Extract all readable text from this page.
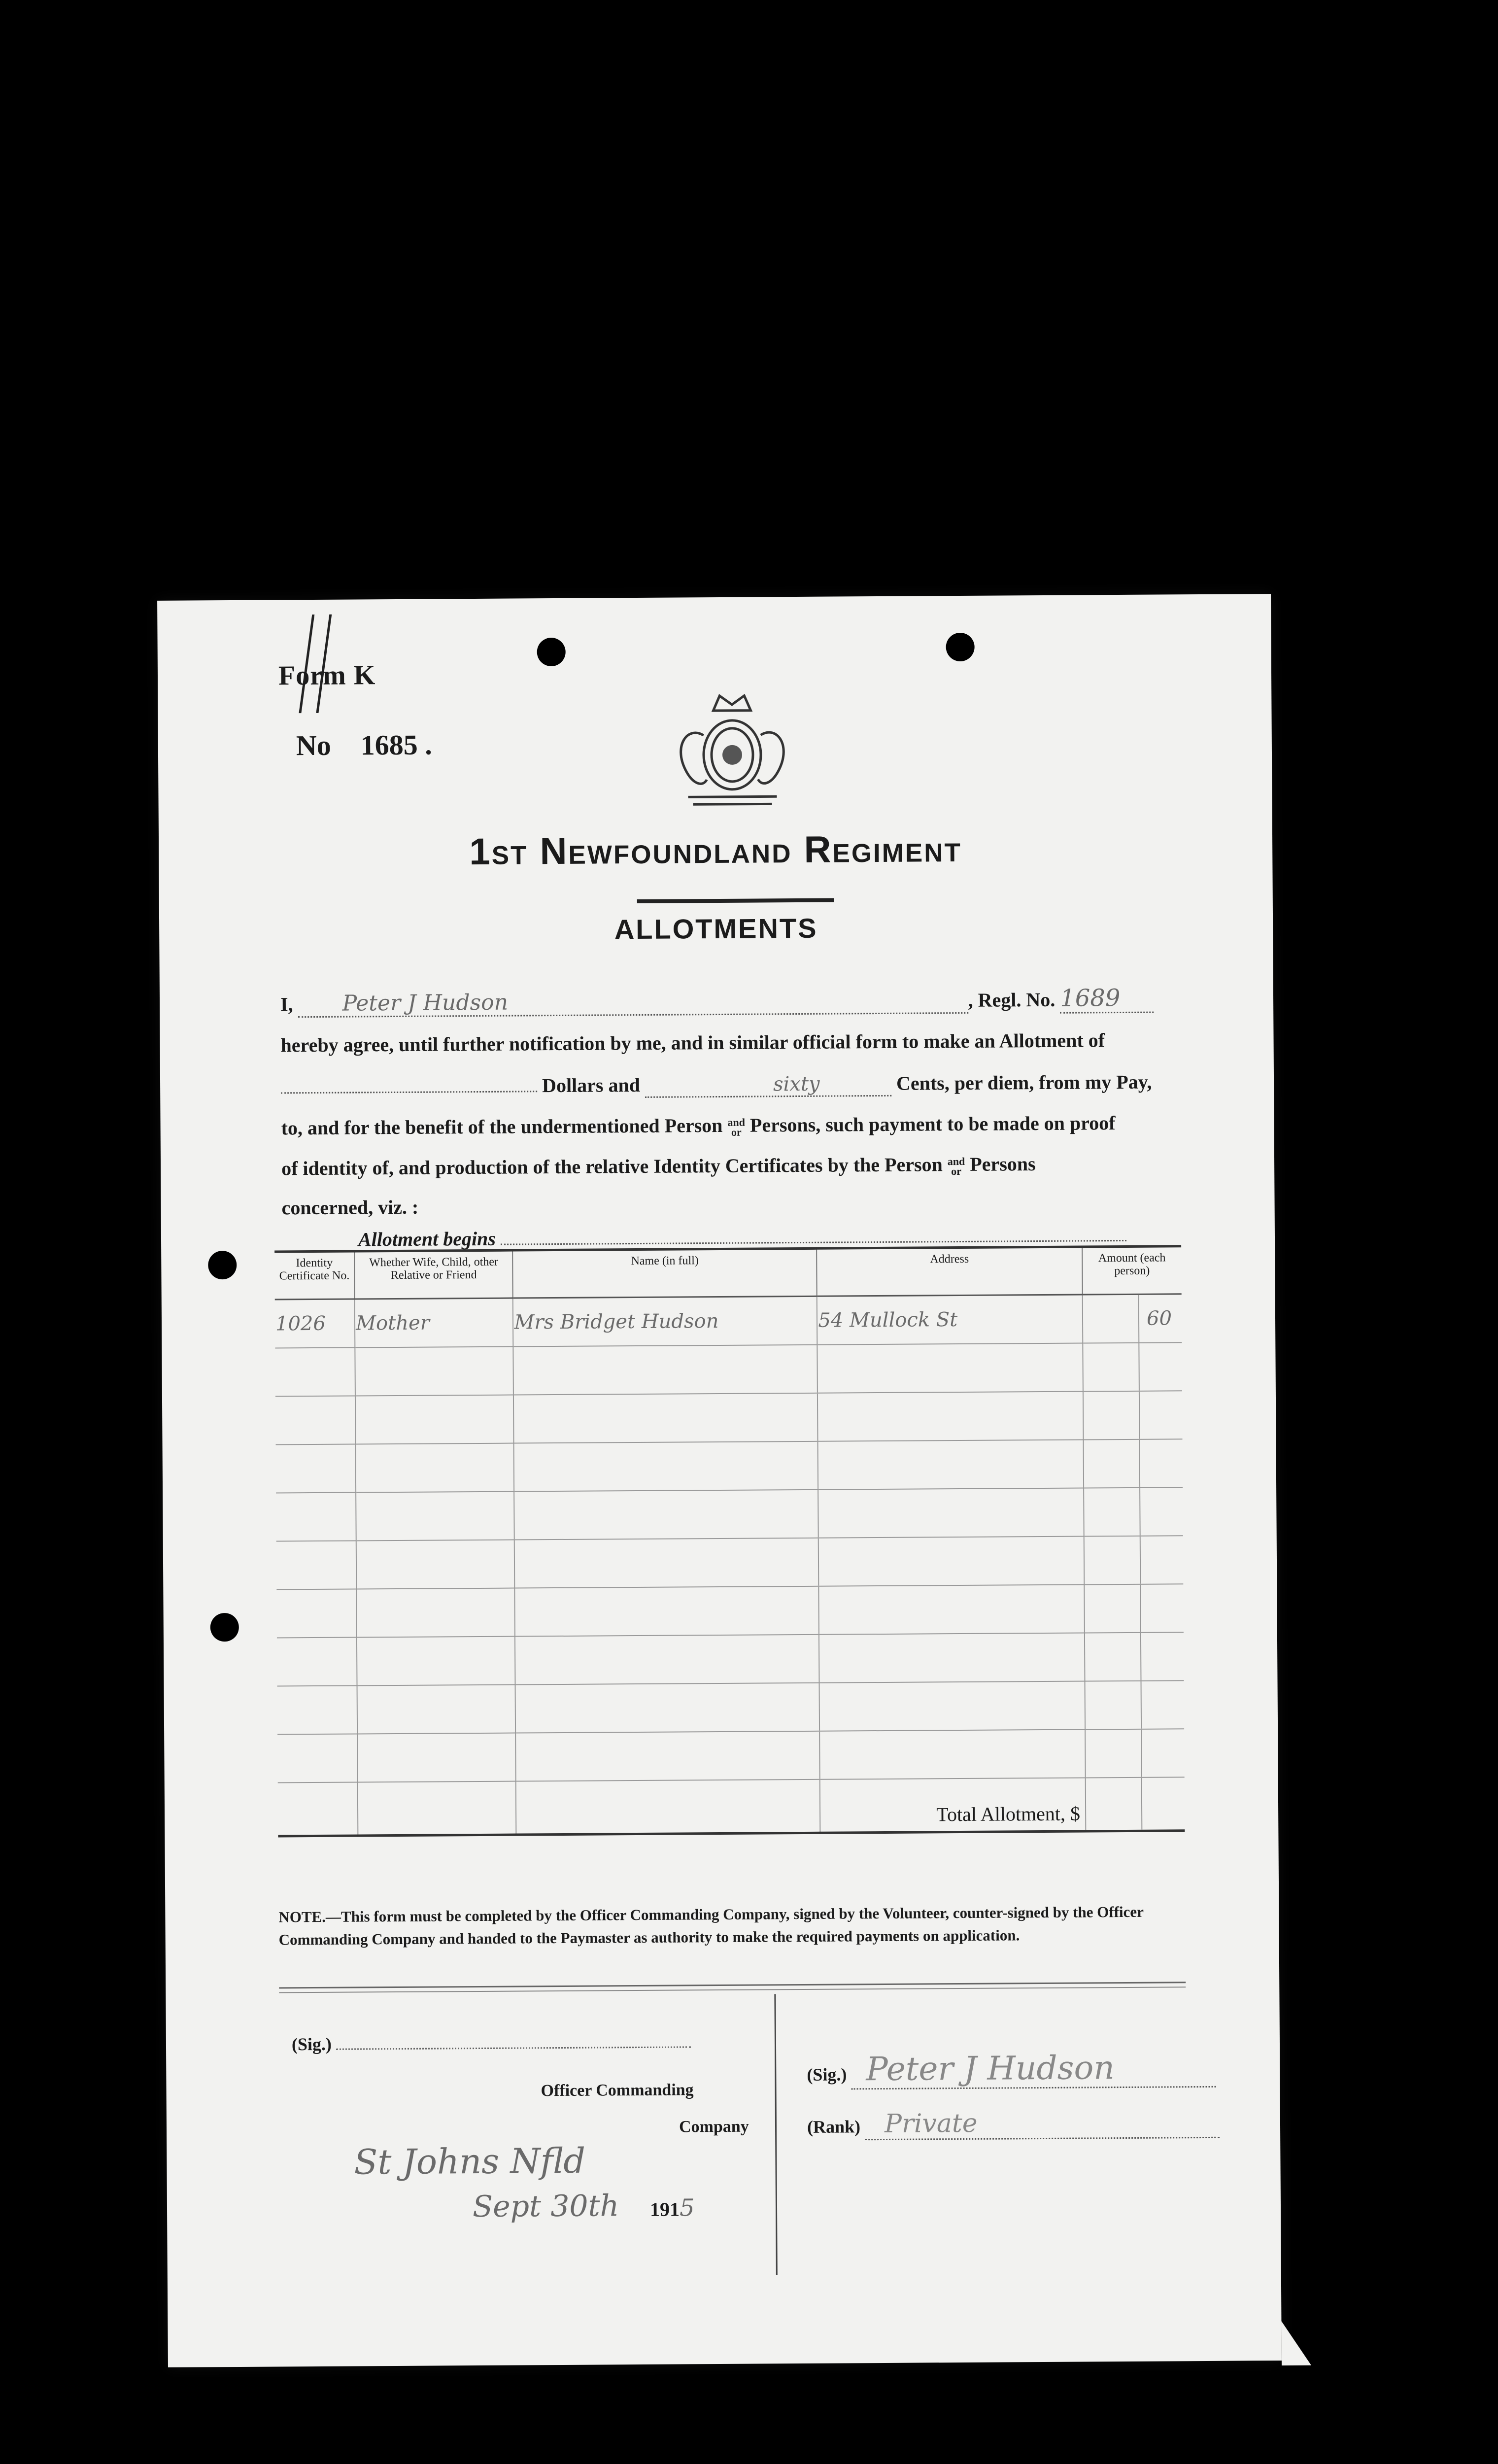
Form K
No 1685 .
1st Newfoundland Regiment
ALLOTMENTS
I, Peter J Hudson	, Regl. No. 1689
hereby agree, until further notification by me, and in similar official form to make an Allotment of
Dollars and	sixty	Cents, per diem, from my Pay,
to, and for the benefit of the undermentioned Person and
or Persons, such payment to be made on proof
of identity of, and production of the relative Identity Certificates by the Person and
or Persons
concerned, viz. :
Allotment begins
Identity Certificate No.	Whether Wife, Child, other Relative or Friend	Name (in full)	Address	Amount (each person)
1026	Mother	Mrs Bridget Hudson	54 Mullock St	60

			Total Allotment, $	
NOTE.—This form must be completed by the Officer Commanding Company, signed by the Volunteer, counter-signed by the Officer Commanding Company and handed to the Paymaster as authority to make the required payments on application.
(Sig.)
Officer Commanding
Company
St Johns Nfld
Sept 30th 1915
(Sig.) Peter J Hudson
(Rank) Private
